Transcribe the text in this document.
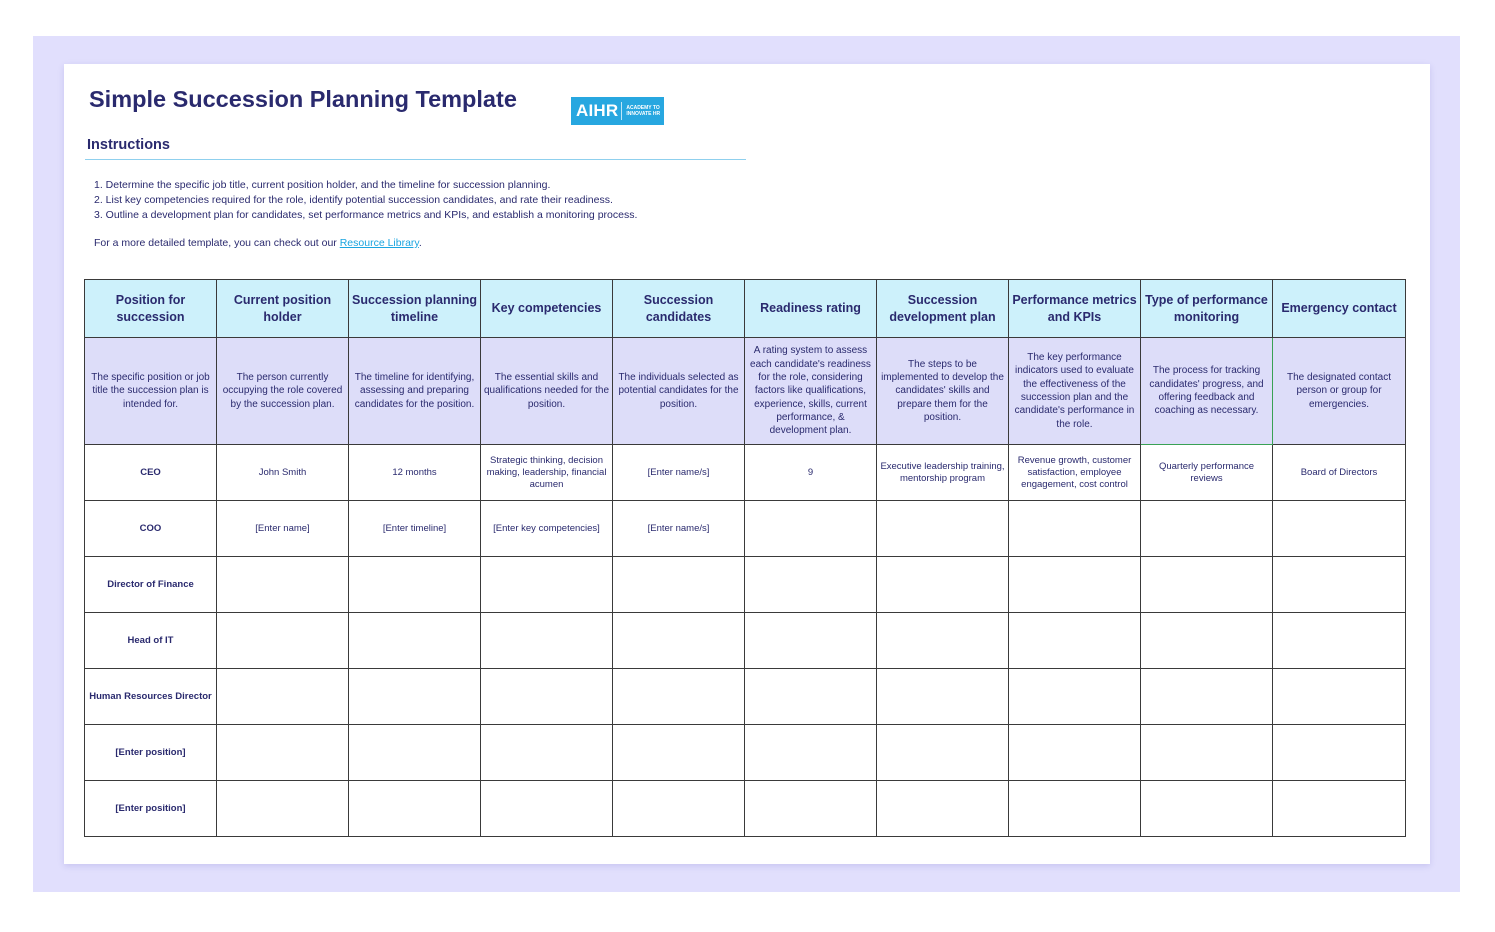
Simple Succession Planning Template	AIHR ACADEMY TO
INNOVATE HR
Instructions
1. Determine the specific job title, current position holder, and the timeline for succession planning.
2. List key competencies required for the role, identify potential succession candidates, and rate their readiness.
3. Outline a development plan for candidates, set performance metrics and KPIs, and establish a monitoring process.
For a more detailed template, you can check out our Resource Library.
Position for succession	Current position holder	Succession planning timeline	Key competencies	Succession candidates	Readiness rating	Succession development plan	Performance metrics and KPIs	Type of performance monitoring	Emergency contact
The specific position or job title the succession plan is intended for.	The person currently occupying the role covered by the succession plan.	The timeline for identifying, assessing and preparing candidates for the position.	The essential skills and qualifications needed for the position.	The individuals selected as potential candidates for the position.	A rating system to assess each candidate's readiness for the role, considering factors like qualifications, experience, skills, current performance, & development plan.	The steps to be implemented to develop the candidates' skills and prepare them for the position.	The key performance indicators used to evaluate the effectiveness of the succession plan and the candidate's performance in the role.	The process for tracking candidates' progress, and offering feedback and coaching as necessary.	The designated contact person or group for emergencies.
CEO	John Smith	12 months	Strategic thinking, decision making, leadership, financial acumen	[Enter name/s]	9	Executive leadership training, mentorship program	Revenue growth, customer satisfaction, employee engagement, cost control	Quarterly performance reviews	Board of Directors
COO	[Enter name]	[Enter timeline]	[Enter key competencies]	[Enter name/s]					
Director of Finance									
Head of IT									
Human Resources Director									
[Enter position]									
[Enter position]									
